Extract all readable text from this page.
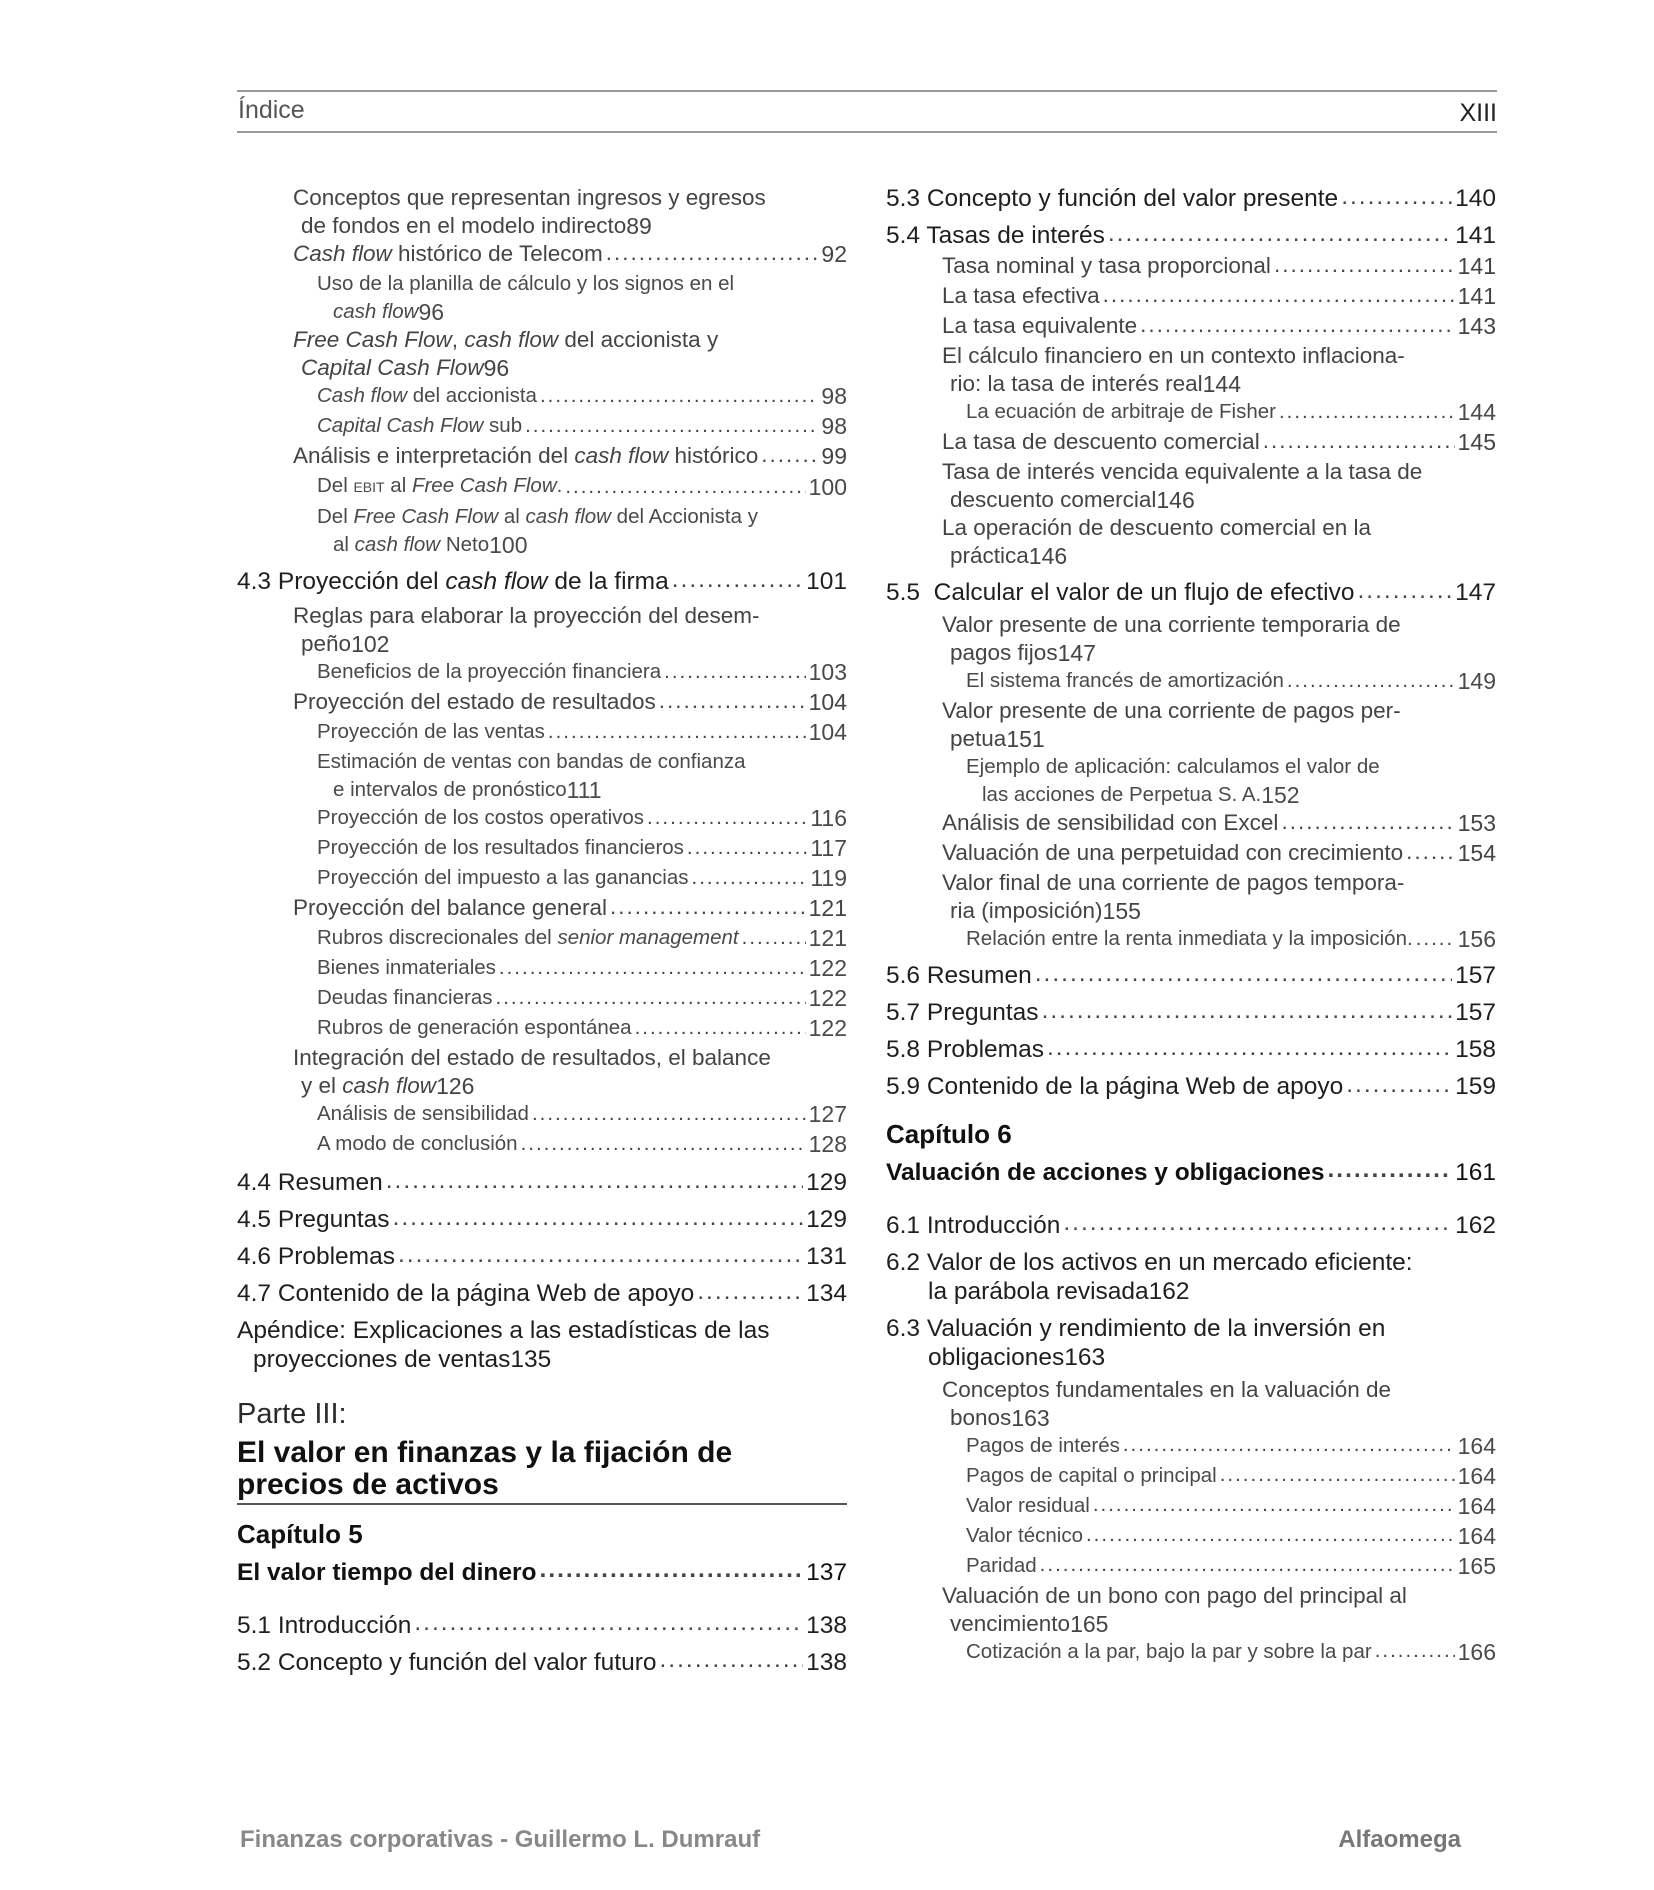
Índice	XIII
Conceptos que representan ingresos y egresos
de fondos en el modelo indirecto 89
Cash flow histórico de Telecom .....	92
Uso de la planilla de cálculo y los signos en el
cash flow 96
Free Cash Flow, cash flow del accionista y
Capital Cash Flow 96
Cash flow del accionista .....	98
Capital Cash Flow sub .....	98
Análisis e interpretación del cash flow histórico .....	99
Del EBIT al Free Cash Flow. .....	100
Del Free Cash Flow al cash flow del Accionista y
al cash flow Neto 100
4.3 Proyección del cash flow de la firma .....	101
Reglas para elaborar la proyección del desem-
peño 102
Beneficios de la proyección financiera .....	103
Proyección del estado de resultados .....	104
Proyección de las ventas .....	104
Estimación de ventas con bandas de confianza
e intervalos de pronóstico 111
Proyección de los costos operativos .....	116
Proyección de los resultados financieros .....	117
Proyección del impuesto a las ganancias .....	119
Proyección del balance general .....	121
Rubros discrecionales del senior management .....	121
Bienes inmateriales .....	122
Deudas financieras .....	122
Rubros de generación espontánea .....	122
Integración del estado de resultados, el balance
y el cash flow 126
Análisis de sensibilidad .....	127
A modo de conclusión .....	128
4.4 Resumen .....	129
4.5 Preguntas .....	129
4.6 Problemas .....	131
4.7 Contenido de la página Web de apoyo .....	134
Apéndice: Explicaciones a las estadísticas de las
proyecciones de ventas 135
Parte III:
El valor en finanzas y la fijación de precios de activos
Capítulo 5
El valor tiempo del dinero .....	137
5.1 Introducción .....	138
5.2 Concepto y función del valor futuro .....	138
5.3 Concepto y función del valor presente .....	140
5.4 Tasas de interés .....	141
Tasa nominal y tasa proporcional .....	141
La tasa efectiva .....	141
La tasa equivalente .....	143
El cálculo financiero en un contexto inflaciona-
rio: la tasa de interés real 144
La ecuación de arbitraje de Fisher .....	144
La tasa de descuento comercial .....	145
Tasa de interés vencida equivalente a la tasa de
descuento comercial 146
La operación de descuento comercial en la
práctica 146
5.5  Calcular el valor de un flujo de efectivo .....	147
Valor presente de una corriente temporaria de
pagos fijos 147
El sistema francés de amortización .....	149
Valor presente de una corriente de pagos per-
petua 151
Ejemplo de aplicación: calculamos el valor de
las acciones de Perpetua S. A. 152
Análisis de sensibilidad con Excel .....	153
Valuación de una perpetuidad con crecimiento ..... 154
Valor final de una corriente de pagos tempora-
ria (imposición) 155
Relación entre la renta inmediata y la imposición. ..... 156
5.6 Resumen .....	157
5.7 Preguntas .....	157
5.8 Problemas .....	158
5.9 Contenido de la página Web de apoyo .....	159
Capítulo 6
Valuación de acciones y obligaciones .....	161
6.1 Introducción .....	162
6.2 Valor de los activos en un mercado eficiente:
la parábola revisada 162
6.3 Valuación y rendimiento de la inversión en
obligaciones 163
Conceptos fundamentales en la valuación de
bonos 163
Pagos de interés .....	164
Pagos de capital o principal .....	164
Valor residual .....	164
Valor técnico .....	164
Paridad .....	165
Valuación de un bono con pago del principal al
vencimiento 165
Cotización a la par, bajo la par y sobre la par .....	166
Finanzas corporativas - Guillermo L. Dumrauf	Alfaomega
